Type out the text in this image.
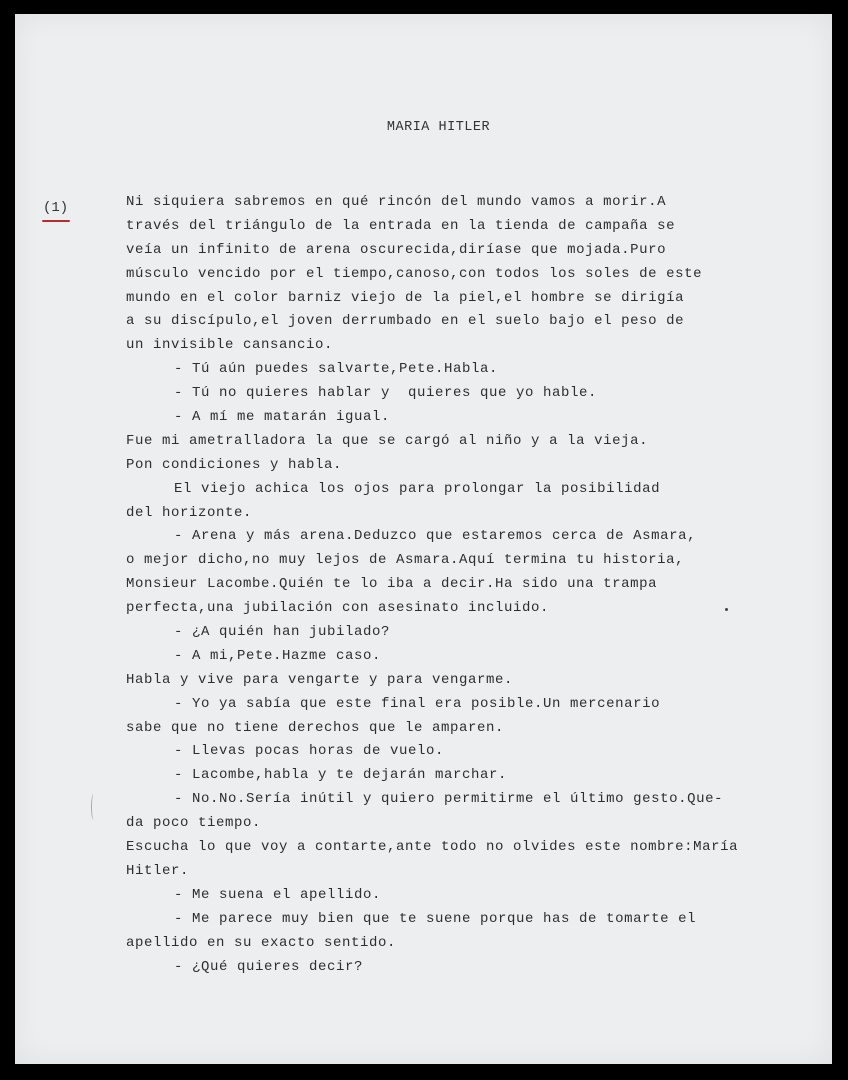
MARIA HITLER
(1)	Ni siquiera sabremos en qué rincón del mundo vamos a morir.A
través del triángulo de la entrada en la tienda de campaña se
veía un infinito de arena oscurecida,diríase que mojada.Puro
músculo vencido por el tiempo,canoso,con todos los soles de este
mundo en el color barniz viejo de la piel,el hombre se dirigía
a su discípulo,el joven derrumbado en el suelo bajo el peso de
un invisible cansancio.
- Tú aún puedes salvarte,Pete.Habla.
- Tú no quieres hablar y  quieres que yo hable.
- A mí me matarán igual.
Fue mi ametralladora la que se cargó al niño y a la vieja.
Pon condiciones y habla.
El viejo achica los ojos para prolongar la posibilidad
del horizonte.
- Arena y más arena.Deduzco que estaremos cerca de Asmara,
o mejor dicho,no muy lejos de Asmara.Aquí termina tu historia,
Monsieur Lacombe.Quién te lo iba a decir.Ha sido una trampa
perfecta,una jubilación con asesinato incluido.
- ¿A quién han jubilado?
- A mi,Pete.Hazme caso.
Habla y vive para vengarte y para vengarme.
- Yo ya sabía que este final era posible.Un mercenario
sabe que no tiene derechos que le amparen.
- Llevas pocas horas de vuelo.
- Lacombe,habla y te dejarán marchar.
- No.No.Sería inútil y quiero permitirme el último gesto.Que-
da poco tiempo.
Escucha lo que voy a contarte,ante todo no olvides este nombre:María
Hitler.
- Me suena el apellido.
- Me parece muy bien que te suene porque has de tomarte el
apellido en su exacto sentido.
- ¿Qué quieres decir?
